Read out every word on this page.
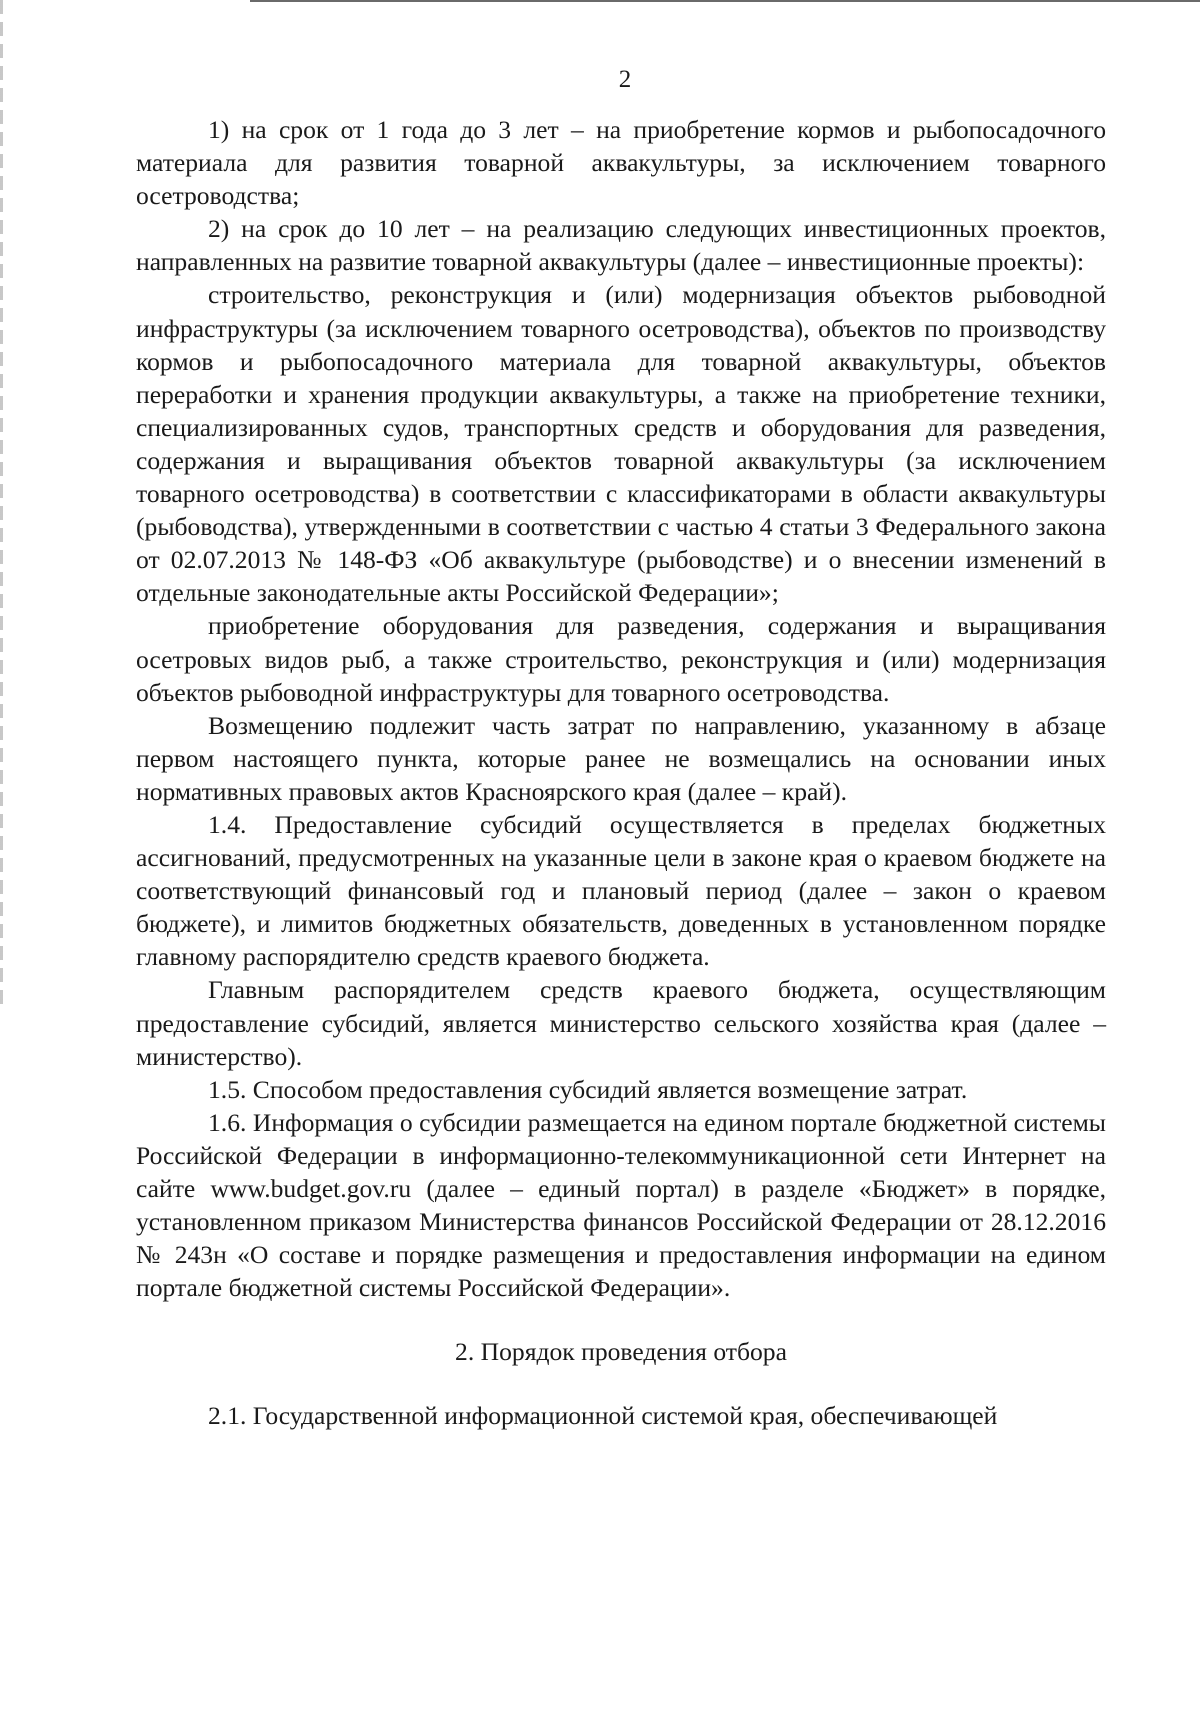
2

1) на срок от 1 года до 3 лет – на приобретение кормов и рыбопосадочного материала для развития товарной аквакультуры, за исключением товарного осетроводства;

2) на срок до 10 лет – на реализацию следующих инвестиционных проектов, направленных на развитие товарной аквакультуры (далее – инвестиционные проекты):

строительство, реконструкция и (или) модернизация объектов рыбоводной инфраструктуры (за исключением товарного осетроводства), объектов по производству кормов и рыбопосадочного материала для товарной аквакультуры, объектов переработки и хранения продукции аквакультуры, а также на приобретение техники, специализированных судов, транспортных средств и оборудования для разведения, содержания и выращивания объектов товарной аквакультуры (за исключением товарного осетроводства) в соответствии с классификаторами в области аквакультуры (рыбоводства), утвержденными в соответствии с частью 4 статьи 3 Федерального закона от 02.07.2013 № 148-ФЗ «Об аквакультуре (рыбоводстве) и о внесении изменений в отдельные законодательные акты Российской Федерации»;

приобретение оборудования для разведения, содержания и выращивания осетровых видов рыб, а также строительство, реконструкция и (или) модернизация объектов рыбоводной инфраструктуры для товарного осетроводства.

Возмещению подлежит часть затрат по направлению, указанному в абзаце первом настоящего пункта, которые ранее не возмещались на основании иных нормативных правовых актов Красноярского края (далее – край).

1.4. Предоставление субсидий осуществляется в пределах бюджетных ассигнований, предусмотренных на указанные цели в законе края о краевом бюджете на соответствующий финансовый год и плановый период (далее – закон о краевом бюджете), и лимитов бюджетных обязательств, доведенных в установленном порядке главному распорядителю средств краевого бюджета.

Главным распорядителем средств краевого бюджета, осуществляющим предоставление субсидий, является министерство сельского хозяйства края (далее – министерство).

1.5. Способом предоставления субсидий является возмещение затрат.

1.6. Информация о субсидии размещается на едином портале бюджетной системы Российской Федерации в информационно-телекоммуникационной сети Интернет на сайте www.budget.gov.ru (далее – единый портал) в разделе «Бюджет» в порядке, установленном приказом Министерства финансов Российской Федерации от 28.12.2016 № 243н «О составе и порядке размещения и предоставления информации на едином портале бюджетной системы Российской Федерации».

2. Порядок проведения отбора

2.1. Государственной информационной системой края, обеспечивающей
